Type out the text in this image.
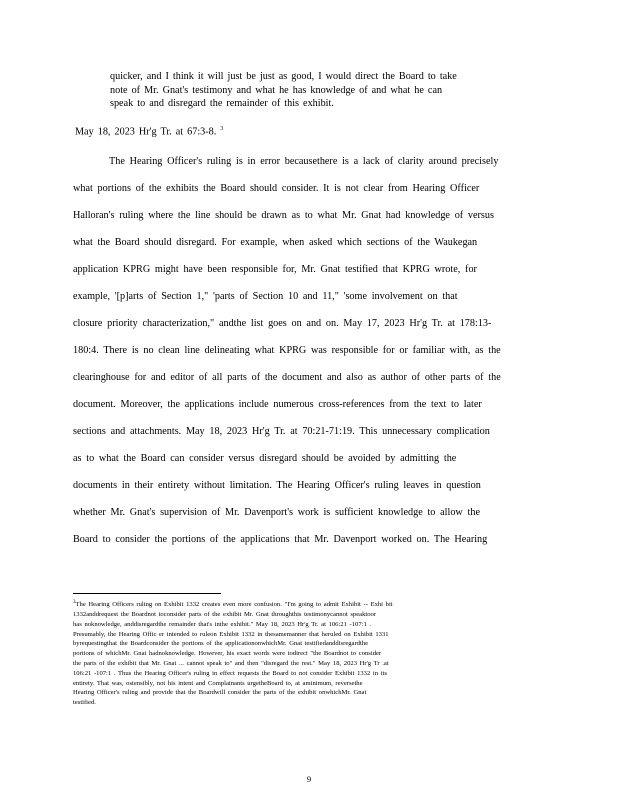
quicker, and I think it will just be just as good, I would direct the Board to take

note of Mr. Gnat's testimony and what he has knowledge of and what he can

speak to and disregard the remainder of this exhibit.

May 18, 2023 Hr'g Tr. at 67:3-8. $^3$
The Hearing Officer's ruling is in error becausethere is a lack of clarity around precisely
what portions of the exhibits the Board should consider. It is not clear from Hearing Officer
Halloran's ruling where the line should be drawn as to what Mr. Gnat had knowledge of versus
what the Board should disregard. For example, when asked which sections of the Waukegan
application KPRG might have been responsible for, Mr. Gnat testified that KPRG wrote, for
example, '[p]arts of Section 1," 'parts of Section 10 and 11," 'some involvement on that
closure priority characterization," andthe list goes on and on. May 17, 2023 Hr'g Tr. at 178:13-
180:4. There is no clean line delineating what KPRG was responsible for or familiar with, as the
clearinghouse for and editor of all parts of the document and also as author of other parts of the
document. Moreover, the applications include numerous cross-references from the text to later
sections and attachments. May 18, 2023 Hr'g Tr. at 70:21-71:19. This unnecessary complication
as to what the Board can consider versus disregard should be avoided by admitting the
documents in their entirety without limitation. The Hearing Officer's ruling leaves in question
whether Mr. Gnat's supervision of Mr. Davenport's work is sufficient knowledge to allow the
Board to consider the portions of the applications that Mr. Davenport worked on. The Hearing
$^3$The Hearing Officers ruling on Exhibit 1332 creates even more confusion. "I'm going to admit Exhibit -- Exhi bit
1332anddrequest the Boardnot toconsider parts of the exhibit Mr. Gnat throughthis testimonycannot speaktoor
has noknowledge, anddisregardthe remainder that's inthe exhibit." May 18, 2023 Hr'g Tr. at 106:21 -107:1 .
Presumably, the Hearing Offic er intended to ruleon Exhibit 1332 in thesamemanner that heruled on Exhibit 1331
byrequestingthat the Boardconsider the portions of the applicationonwhichMr. Gnat testifiedanddisregardthe
portions of whichMr. Gnat hadnoknowledge. However, his exact words were todirect "the Boardnot to consider
the parts of the exhibit that Mr. Gnat ... cannot speak to" and then "disregard the rest." May 18, 2023 Hr'g Tr .at
106:21 -107:1 . Thus the Hearing Officer's ruling in effect requests the Board to not consider Exhibit 1332 in its
entirety. That was, ostensibly, not his intent and Complainants urgetheBoard to, at aminimum, reversethe
Hearing Officer's ruling and provide that the Boardwill consider the parts of the exhibit onwhichMr. Gnat
testified.
9
